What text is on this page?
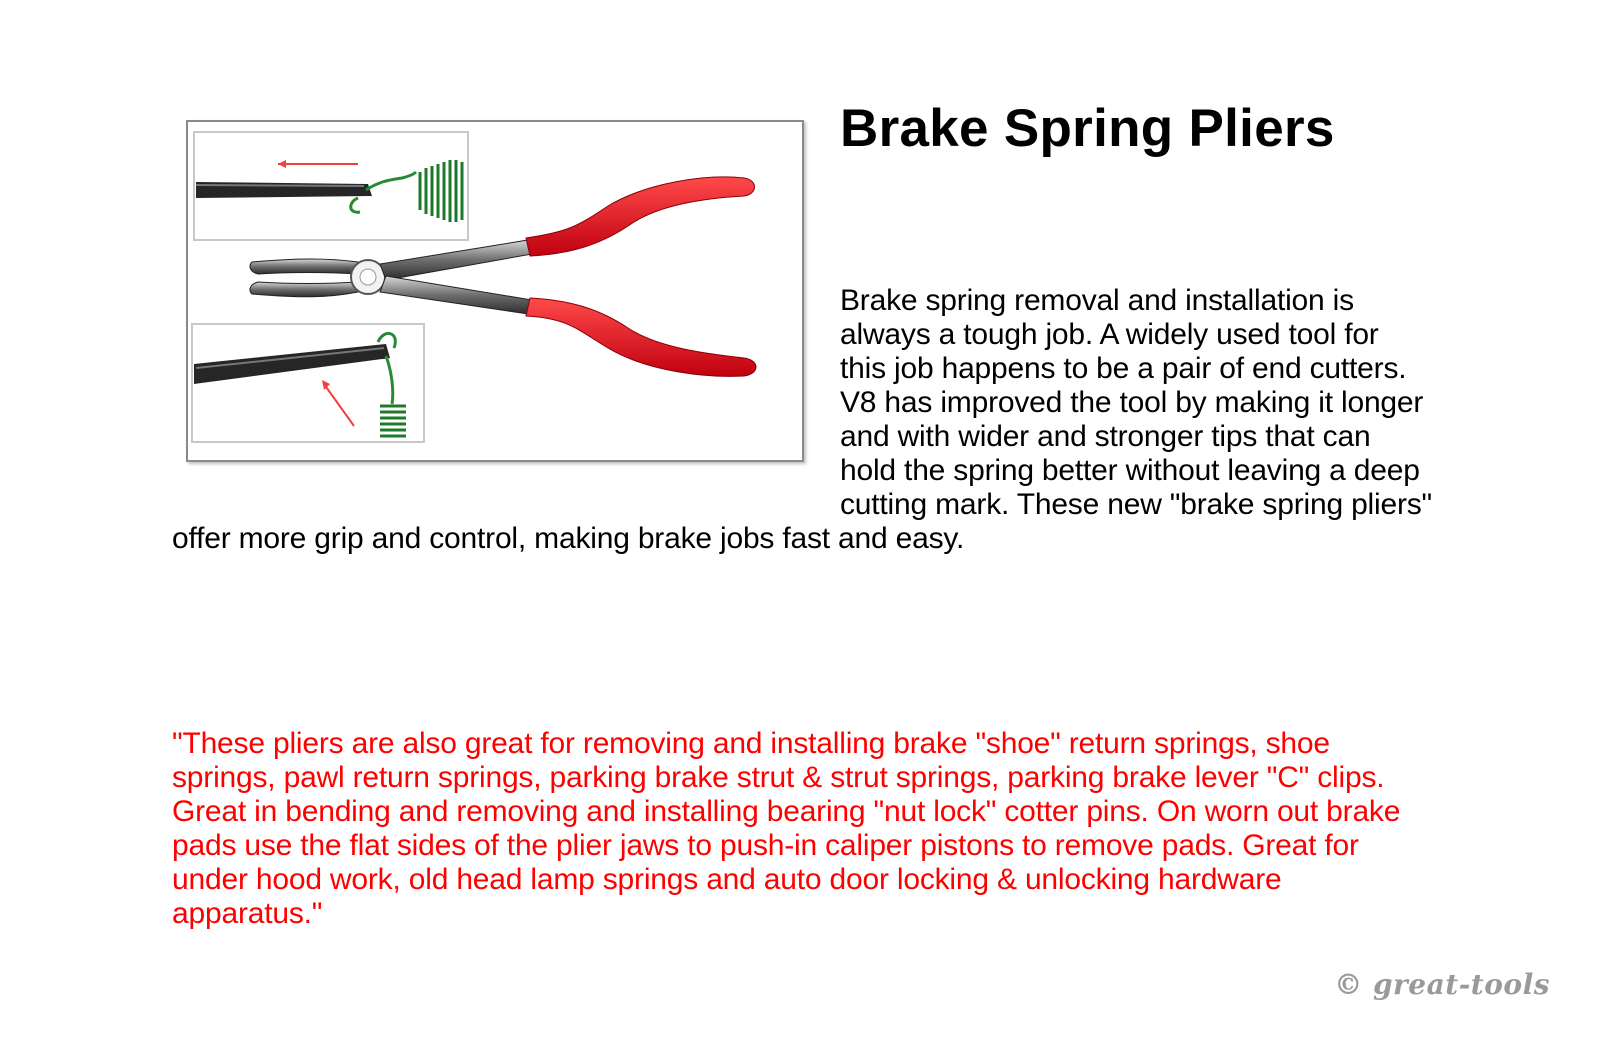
Brake Spring Pliers

Brake spring removal and installation is always a tough job. A widely used tool for this job happens to be a pair of end cutters. V8 has improved the tool by making it longer and with wider and stronger tips that can hold the spring better without leaving a deep cutting mark. These new "brake spring pliers" offer more grip and control, making brake jobs fast and easy.

"These pliers are also great for removing and installing brake "shoe" return springs, shoe springs, pawl return springs, parking brake strut & strut springs, parking brake lever "C" clips. Great in bending and removing and installing bearing "nut lock" cotter pins. On worn out brake pads use the flat sides of the plier jaws to push-in caliper pistons to remove pads. Great for under hood work, old head lamp springs and auto door locking & unlocking hardware apparatus."

© great-tools
